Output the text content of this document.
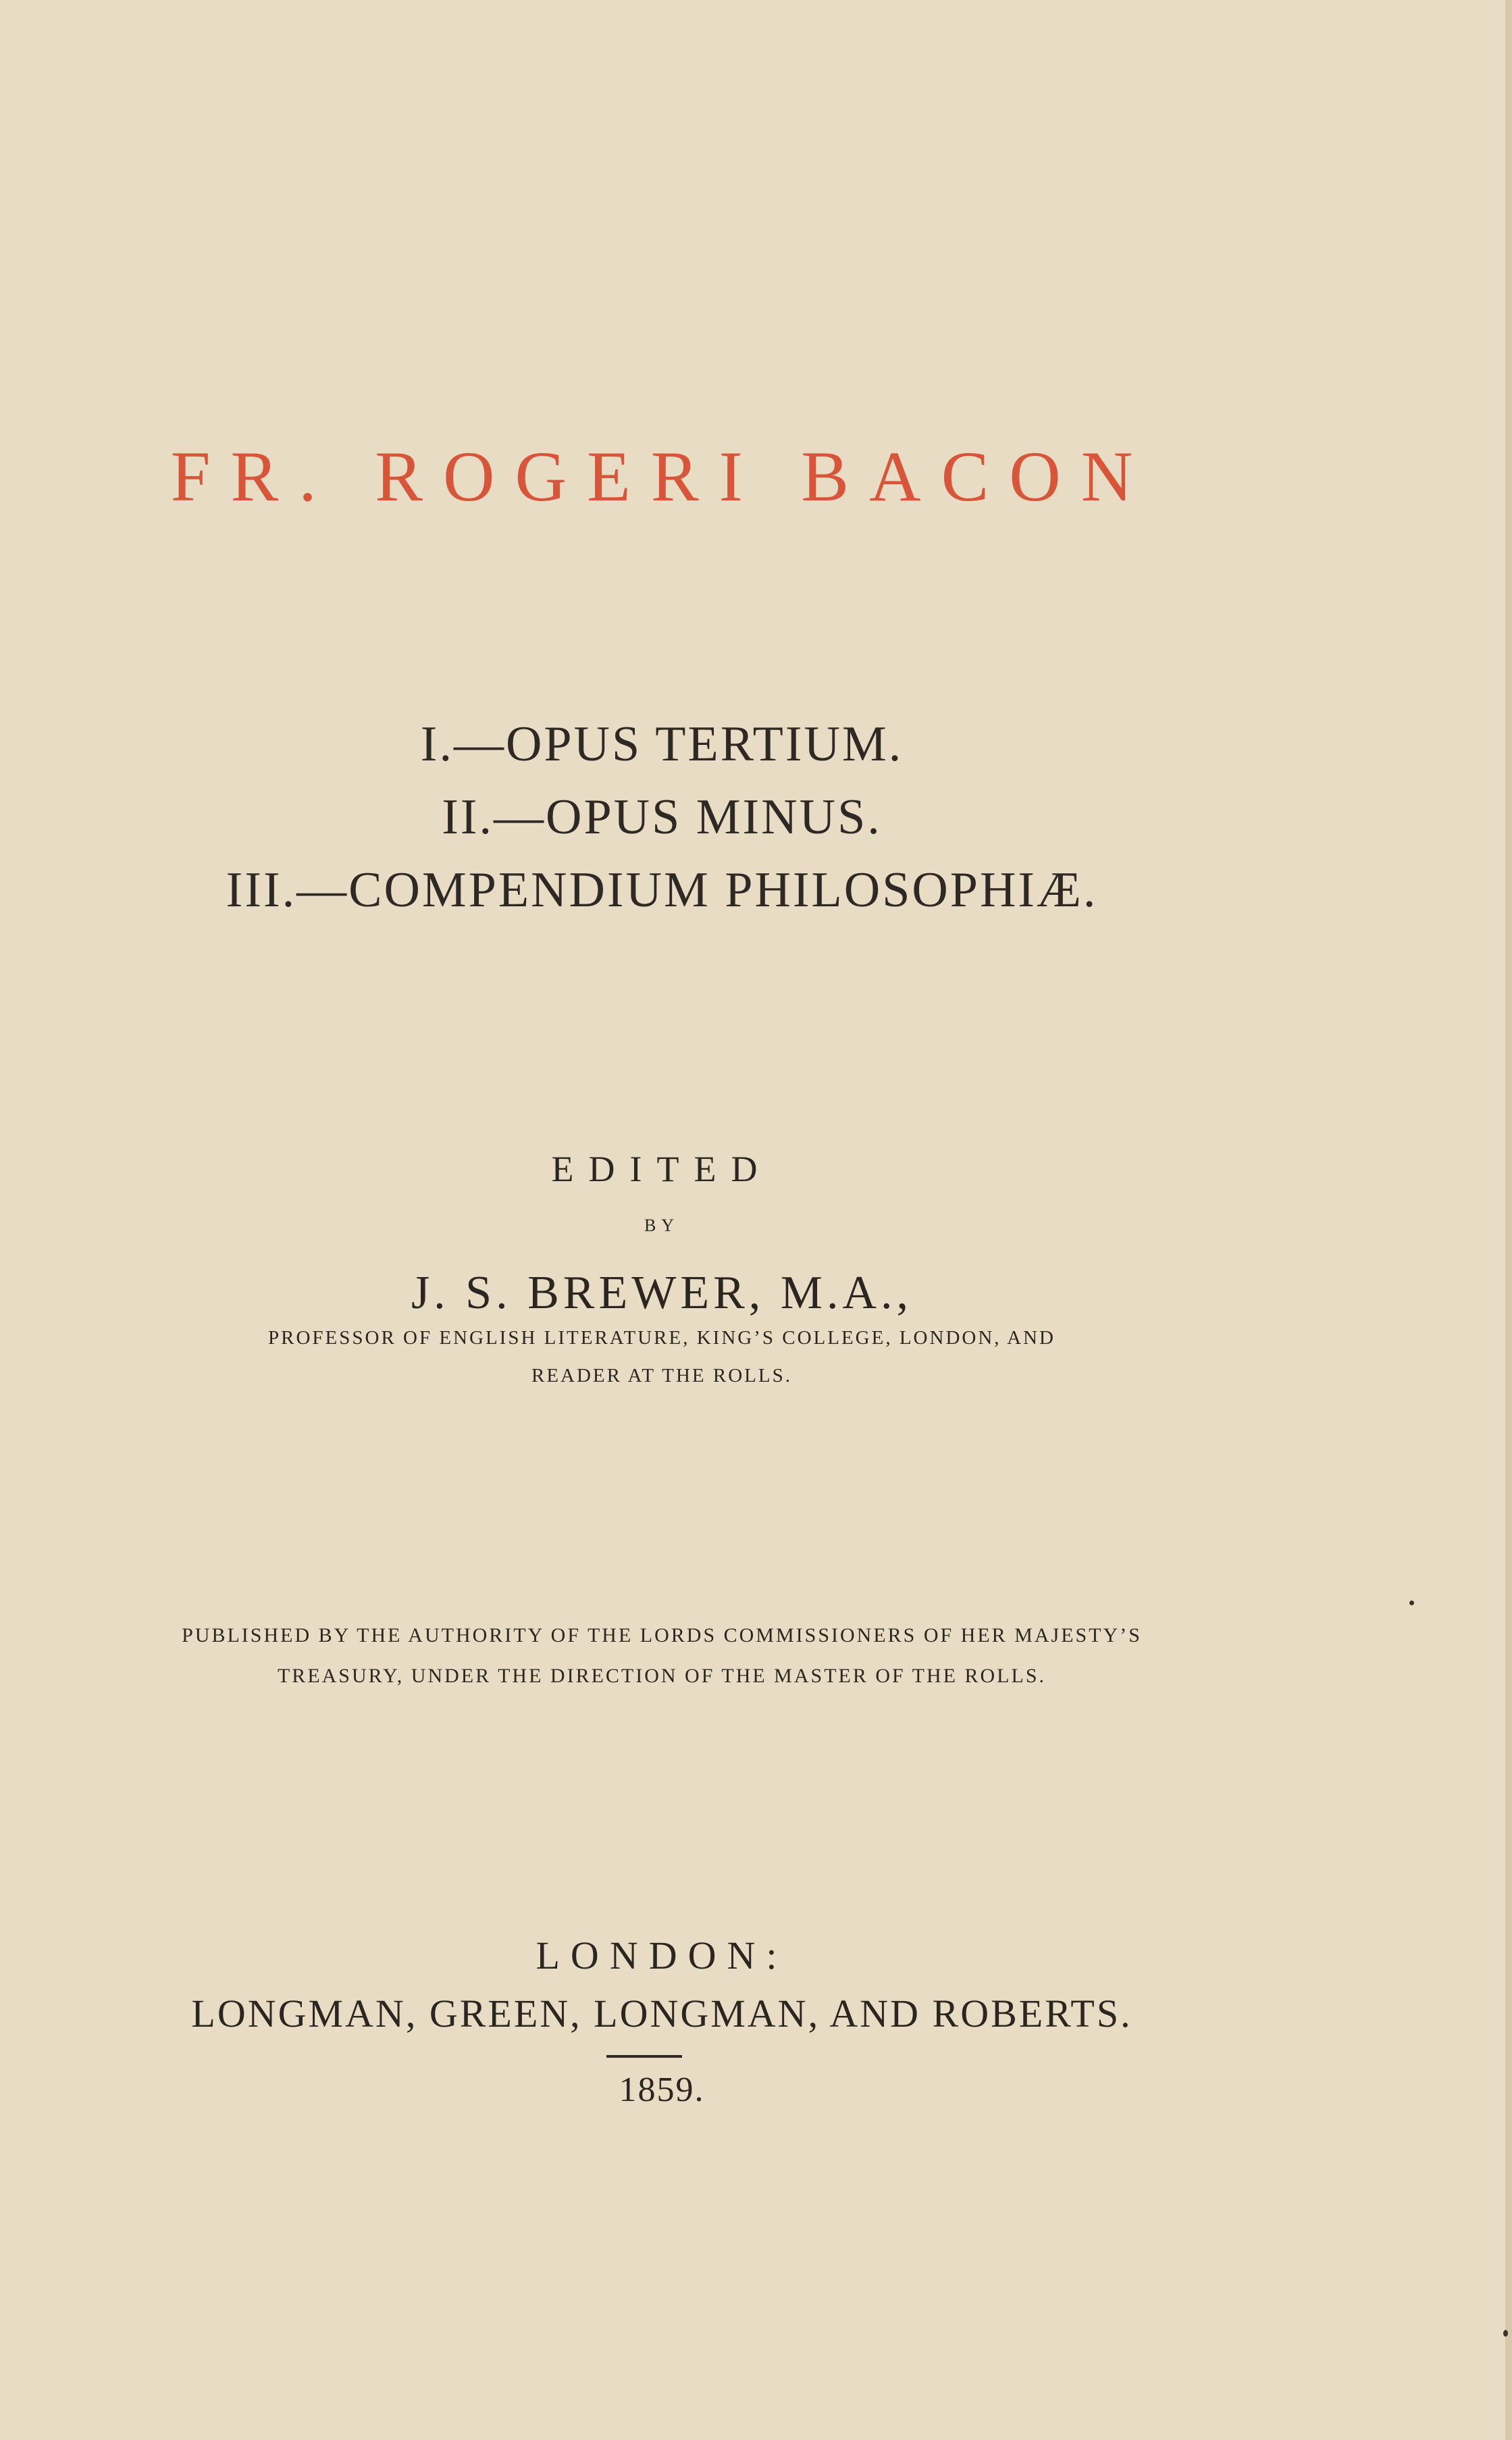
FR. ROGERI BACON
I.—OPUS TERTIUM.
II.—OPUS MINUS.
III.—COMPENDIUM PHILOSOPHIÆ.
EDITED
BY
J. S. BREWER, M.A.,
PROFESSOR OF ENGLISH LITERATURE, KING’S COLLEGE, LONDON, AND
READER AT THE ROLLS.
PUBLISHED BY THE AUTHORITY OF THE LORDS COMMISSIONERS OF HER MAJESTY’S
TREASURY, UNDER THE DIRECTION OF THE MASTER OF THE ROLLS.
LONDON:
LONGMAN, GREEN, LONGMAN, AND ROBERTS.
1859.
